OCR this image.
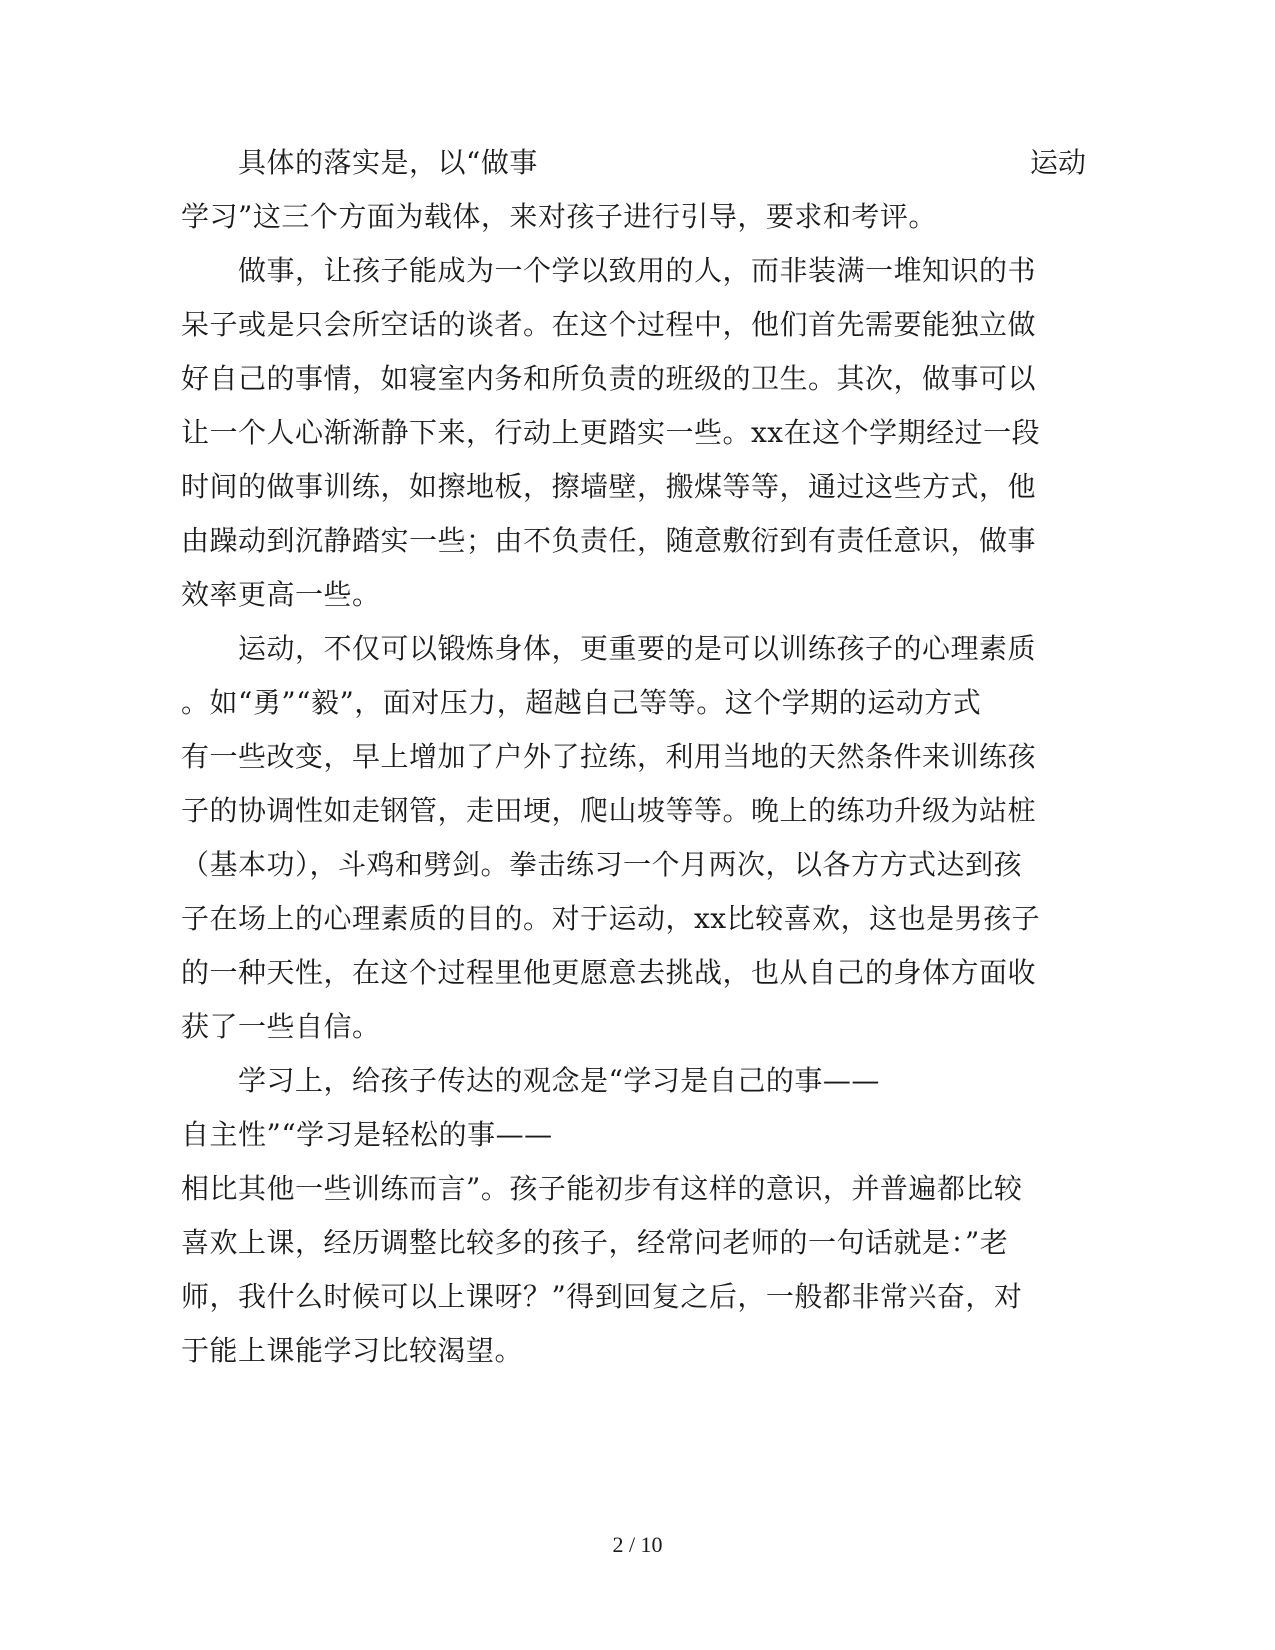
具体的落实是，以“做事	运动
学习”这三个方面为载体，来对孩子进行引导，要求和考评。
做事，让孩子能成为一个学以致用的人，而非装满一堆知识的书
呆子或是只会所空话的谈者。在这个过程中，他们首先需要能独立做
好自己的事情，如寝室内务和所负责的班级的卫生。其次，做事可以
让一个人心渐渐静下来，行动上更踏实一些。xx在这个学期经过一段
时间的做事训练，如擦地板，擦墙壁，搬煤等等，通过这些方式，他
由躁动到沉静踏实一些；由不负责任，随意敷衍到有责任意识，做事
效率更高一些。
运动，不仅可以锻炼身体，更重要的是可以训练孩子的心理素质
。如“勇”“毅”，面对压力，超越自己等等。这个学期的运动方式
有一些改变，早上增加了户外了拉练，利用当地的天然条件来训练孩
子的协调性如走钢管，走田埂，爬山坡等等。晚上的练功升级为站桩
（基本功），斗鸡和劈剑。拳击练习一个月两次，以各方方式达到孩
子在场上的心理素质的目的。对于运动，xx比较喜欢，这也是男孩子
的一种天性，在这个过程里他更愿意去挑战，也从自己的身体方面收
获了一些自信。
学习上，给孩子传达的观念是“学习是自己的事——
自主性”“学习是轻松的事——
相比其他一些训练而言”。孩子能初步有这样的意识，并普遍都比较
喜欢上课，经历调整比较多的孩子，经常问老师的一句话就是：”老
师，我什么时候可以上课呀？”得到回复之后，一般都非常兴奋，对
于能上课能学习比较渴望。
2 / 10
